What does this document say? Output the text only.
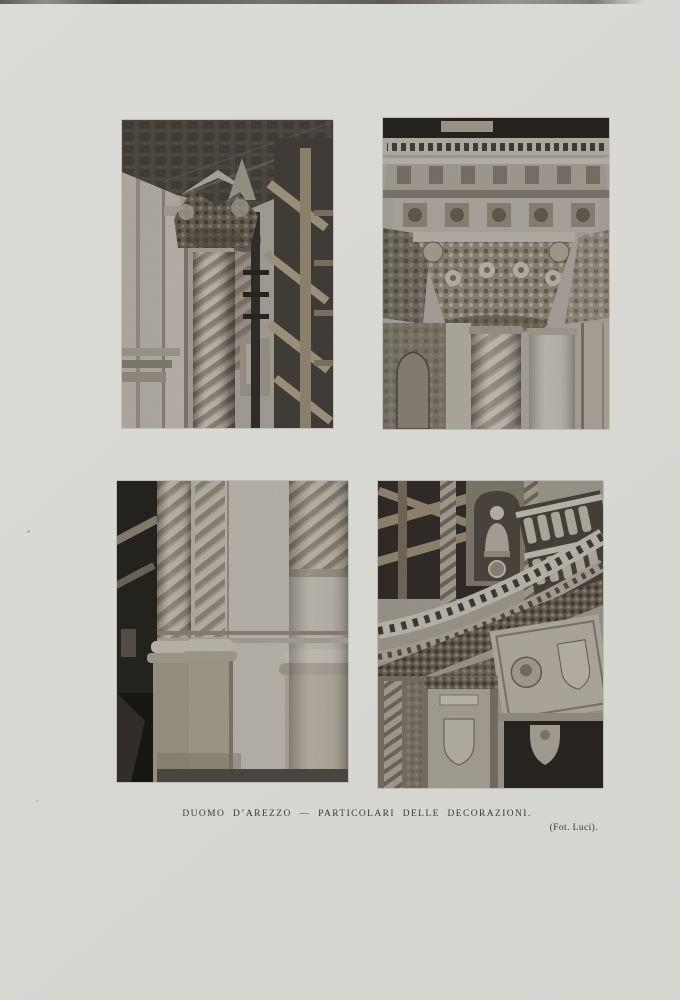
DUOMO D’AREZZO — PARTICOLARI DELLE DECORAZIONI.
(Fot. Luci).
